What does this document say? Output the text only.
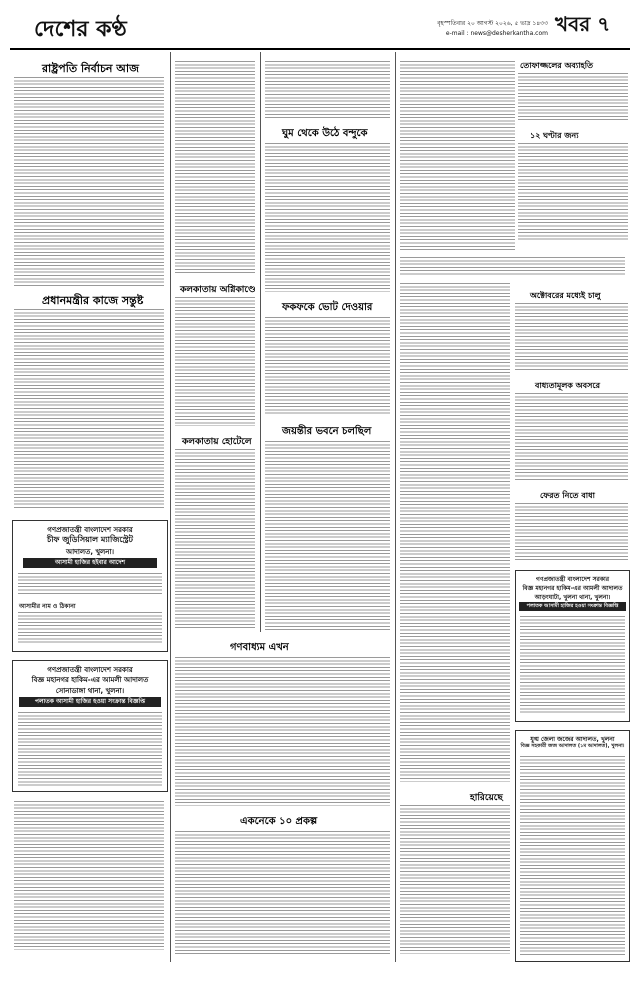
দেশের কণ্ঠ	বৃহস্পতিবার ২০ আগস্ট ২০২৬, ৫ ভাদ্র ১৪৩৩
e-mail : news@desherkantha.com খবর ৭
রাষ্ট্রপতি নির্বাচন আজ
প্রধানমন্ত্রীর কাজে সন্তুষ্ট
গণপ্রজাতন্ত্রী বাংলাদেশ সরকার
চীফ জুডিসিয়াল ম্যাজিস্ট্রেট
আদালত, খুলনা।
আসামী হাজির হইবার আদেশ
আসামীর নাম ও ঠিকানা
গণপ্রজাতন্ত্রী বাংলাদেশ সরকার
বিজ্ঞ মহানগর হাকিম-এর আমলী আদালত
সোনাডাঙ্গা থানা, খুলনা।
পলাতক আসামী হাজির হওয়া সংক্রান্ত বিজ্ঞপ্তি
কলকাতায় অগ্নিকাণ্ডে
কলকাতায় হোটেলে
ঘুম থেকে উঠে বন্দুকে
ফকফকে ভোট দেওয়ার
জয়ন্তীর ভবনে চলছিল
গণবাধ্যম এখন
একনেকে ১০ প্রকল্প
তোফাজ্জলের অব্যাহতি
১২ ঘণ্টার জন্য
অক্টোবরের মধ্যেই চালু
বাধ্যতামূলক অবসরে
ফেরত নিতে বাধা
গণপ্রজাতন্ত্রী বাংলাদেশ সরকার
বিজ্ঞ মহানগর হাকিম-এর আমলী আদালত
আড়ংঘাটা, খুলনা থানা, খুলনা।
পলাতক আসামী হাজির হওয়া সংক্রান্ত বিজ্ঞপ্তি
হারিয়েছে
যুগ্ম জেলা জজের আদালত, খুলনা
বিজ্ঞ সহকারী জজ আদালত (১ম আদালত), খুলনা।
